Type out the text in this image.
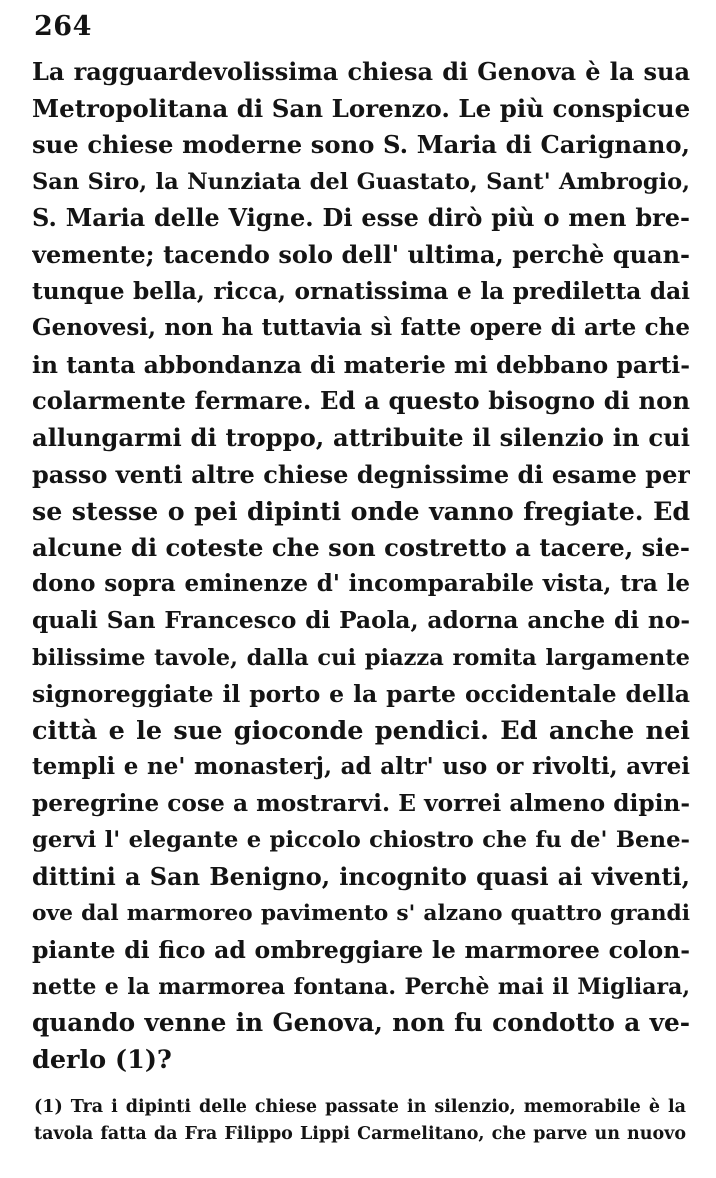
264
La ragguardevolissima chiesa di Genova è la sua
Metropolitana di San Lorenzo. Le più conspicue
sue chiese moderne sono S. Maria di Carignano,
San Siro, la Nunziata del Guastato, Sant' Ambrogio,
S. Maria delle Vigne. Di esse dirò più o men bre-
vemente; tacendo solo dell' ultima, perchè quan-
tunque bella, ricca, ornatissima e la prediletta dai
Genovesi, non ha tuttavia sì fatte opere di arte che
in tanta abbondanza di materie mi debbano parti-
colarmente fermare. Ed a questo bisogno di non
allungarmi di troppo, attribuite il silenzio in cui
passo venti altre chiese degnissime di esame per
se stesse o pei dipinti onde vanno fregiate. Ed
alcune di coteste che son costretto a tacere, sie-
dono sopra eminenze d' incomparabile vista, tra le
quali San Francesco di Paola, adorna anche di no-
bilissime tavole, dalla cui piazza romita largamente
signoreggiate il porto e la parte occidentale della
città e le sue gioconde pendici. Ed anche nei
templi e ne' monasterj, ad altr' uso or rivolti, avrei
peregrine cose a mostrarvi. E vorrei almeno dipin-
gervi l' elegante e piccolo chiostro che fu de' Bene-
dittini a San Benigno, incognito quasi ai viventi,
ove dal marmoreo pavimento s' alzano quattro grandi
piante di fico ad ombreggiare le marmoree colon-
nette e la marmorea fontana. Perchè mai il Migliara,
quando venne in Genova, non fu condotto a ve-
derlo (1)?
(1) Tra i dipinti delle chiese passate in silenzio, memorabile è la
tavola fatta da Fra Filippo Lippi Carmelitano, che parve un nuovo
